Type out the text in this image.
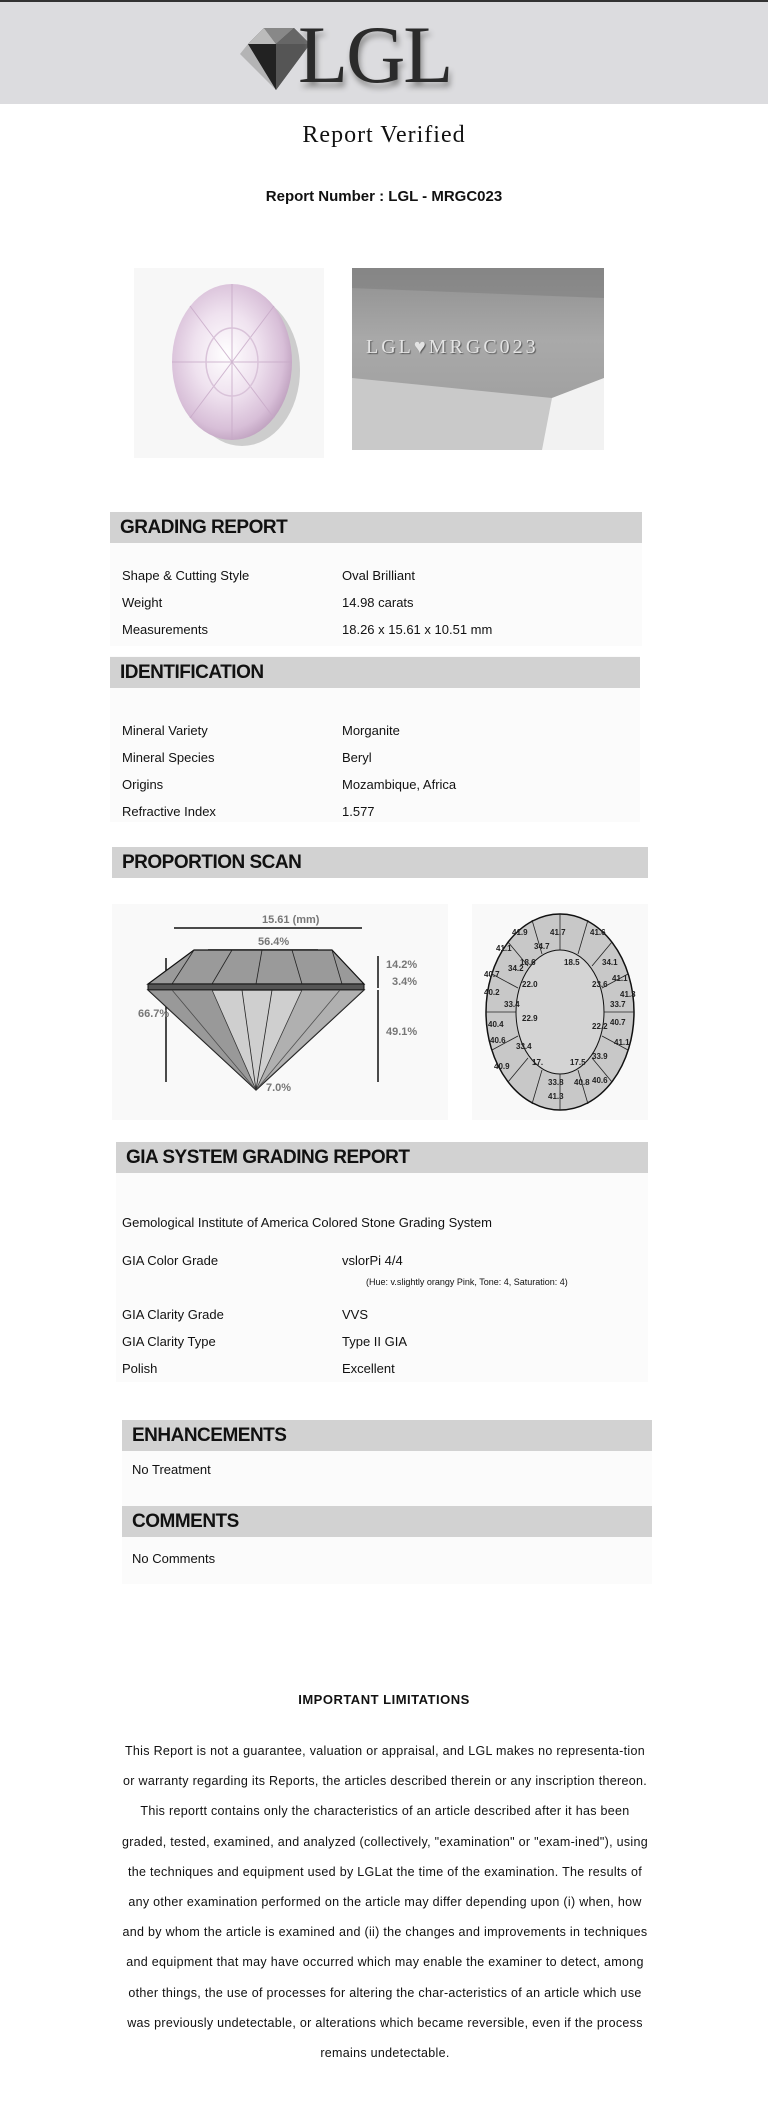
LGL
Report Verified
Report Number : LGL - MRGC023
LGL♥MRGC023
GRADING REPORT
Shape & Cutting Style	Oval Brilliant
Weight	14.98 carats
Measurements	18.26 x 15.61 x 10.51 mm
IDENTIFICATION
Mineral Variety	Morganite
Mineral Species	Beryl
Origins	Mozambique, Africa
Refractive Index	1.577
PROPORTION SCAN
15.61 (mm)
56.4%
14.2%
3.4%
49.1%
66.7%
7.0%
41.9	41.7	41.6
41.1	34.7
18.6	18.5	34.1
34.2
41.1
40.7
22.0	23.6
41.3
40.2
33.4	33.7
22.9	40.7
40.4	22.2
41.1
40.6
33.4
17.	17.5
33.9
40.9
33.8 40.8
41.3
40.6
GIA SYSTEM GRADING REPORT
Gemological Institute of America Colored Stone Grading System
GIA Color Grade	vslorPi 4/4
(Hue: v.slightly orangy Pink, Tone: 4, Saturation: 4)
GIA Clarity Grade	VVS
GIA Clarity Type	Type II GIA
Polish	Excellent
ENHANCEMENTS
No Treatment
COMMENTS
No Comments
IMPORTANT LIMITATIONS
This Report is not a guarantee, valuation or appraisal, and LGL makes no representa-tion or warranty regarding its Reports, the articles described therein or any inscription thereon. This reportt contains only the characteristics of an article described after it has been graded, tested, examined, and analyzed (collectively, "examination" or "exam-ined"), using the techniques and equipment used by LGLat the time of the examination. The results of any other examination performed on the article may differ depending upon (i) when, how and by whom the article is examined and (ii) the changes and improvements in techniques and equipment that may have occurred which may enable the examiner to detect, among other things, the use of processes for altering the char-acteristics of an article which use was previously undetectable, or alterations which became reversible, even if the process remains undetectable.
